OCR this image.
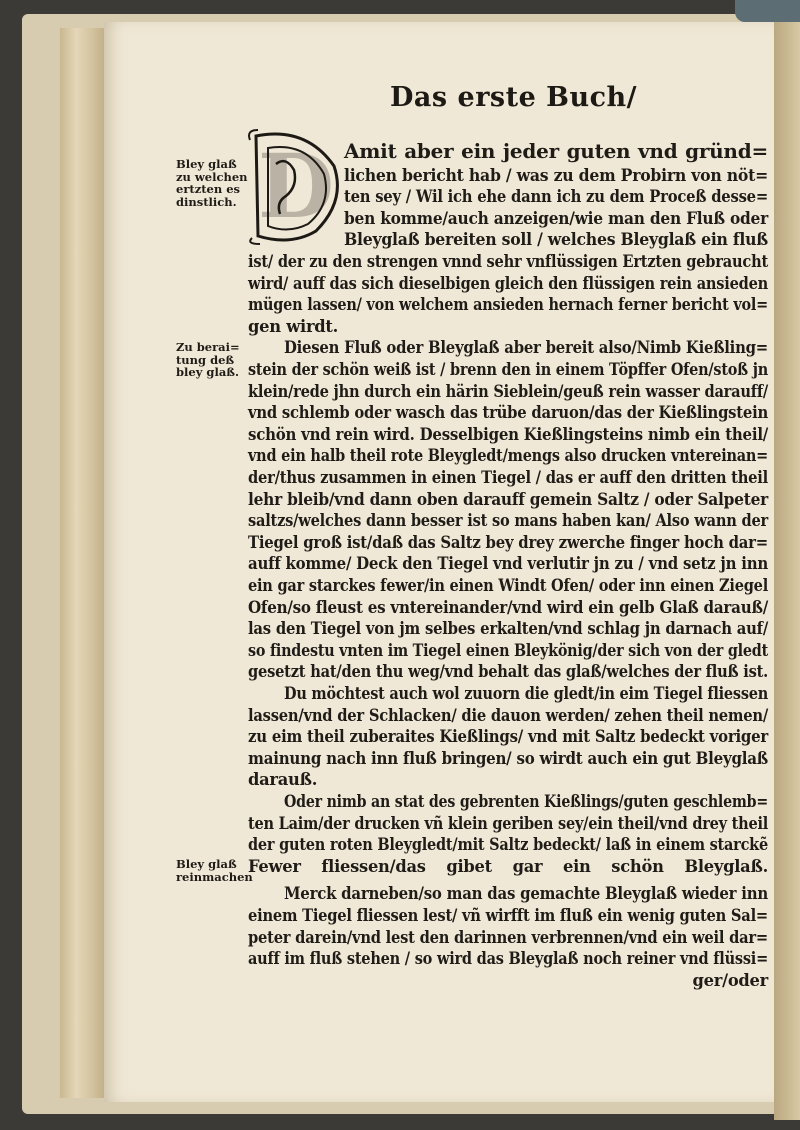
Das erste Buch/
D
Bley glaß
zu welchen
ertzten es
dinstlich.
Zu berai=
tung deß
bley glaß.
Bley glaß
reinmachen
Amit aber ein jeder guten vnd gründ=
lichen bericht hab / was zu dem Probirn von nöt=
ten sey / Wil ich ehe dann ich zu dem Proceß desse=
ben komme/auch anzeigen/wie man den Fluß oder
Bleyglaß bereiten soll / welches Bleyglaß ein fluß
ist/ der zu den strengen vnnd sehr vnflüssigen Ertzten gebraucht
wird/ auff das sich dieselbigen gleich den flüssigen rein ansieden
mügen lassen/ von welchem ansieden hernach ferner bericht vol=
gen wirdt.
Diesen Fluß oder Bleyglaß aber bereit also/Nimb Kießling=
stein der schön weiß ist / brenn den in einem Töpffer Ofen/stoß jn
klein/rede jhn durch ein härin Sieblein/geuß rein wasser darauff/
vnd schlemb oder wasch das trübe daruon/das der Kießlingstein
schön vnd rein wird. Desselbigen Kießlingsteins nimb ein theil/
vnd ein halb theil rote Bleygledt/mengs also drucken vntereinan=
der/thus zusammen in einen Tiegel / das er auff den dritten theil
lehr bleib/vnd dann oben darauff gemein Saltz / oder Salpeter
saltzs/welches dann besser ist so mans haben kan/ Also wann der
Tiegel groß ist/daß das Saltz bey drey zwerche finger hoch dar=
auff komme/ Deck den Tiegel vnd verlutir jn zu / vnd setz jn inn
ein gar starckes fewer/in einen Windt Ofen/ oder inn einen Ziegel
Ofen/so fleust es vntereinander/vnd wird ein gelb Glaß darauß/
las den Tiegel von jm selbes erkalten/vnd schlag jn darnach auf/
so findestu vnten im Tiegel einen Bleykönig/der sich von der gledt
gesetzt hat/den thu weg/vnd behalt das glaß/welches der fluß ist.
Du möchtest auch wol zuuorn die gledt/in eim Tiegel fliessen
lassen/vnd der Schlacken/ die dauon werden/ zehen theil nemen/
zu eim theil zuberaites Kießlings/ vnd mit Saltz bedeckt voriger
mainung nach inn fluß bringen/ so wirdt auch ein gut Bleyglaß
darauß.
Oder nimb an stat des gebrenten Kießlings/guten geschlemb=
ten Laim/der drucken vñ klein geriben sey/ein theil/vnd drey theil
der guten roten Bleygledt/mit Saltz bedeckt/ laß in einem starckẽ
Fewer fliessen/das gibet gar ein schön Bleyglaß.
Merck darneben/so man das gemachte Bleyglaß wieder inn
einem Tiegel fliessen lest/ vñ wirfft im fluß ein wenig guten Sal=
peter darein/vnd lest den darinnen verbrennen/vnd ein weil dar=
auff im fluß stehen / so wird das Bleyglaß noch reiner vnd flüssi=
ger/oder
